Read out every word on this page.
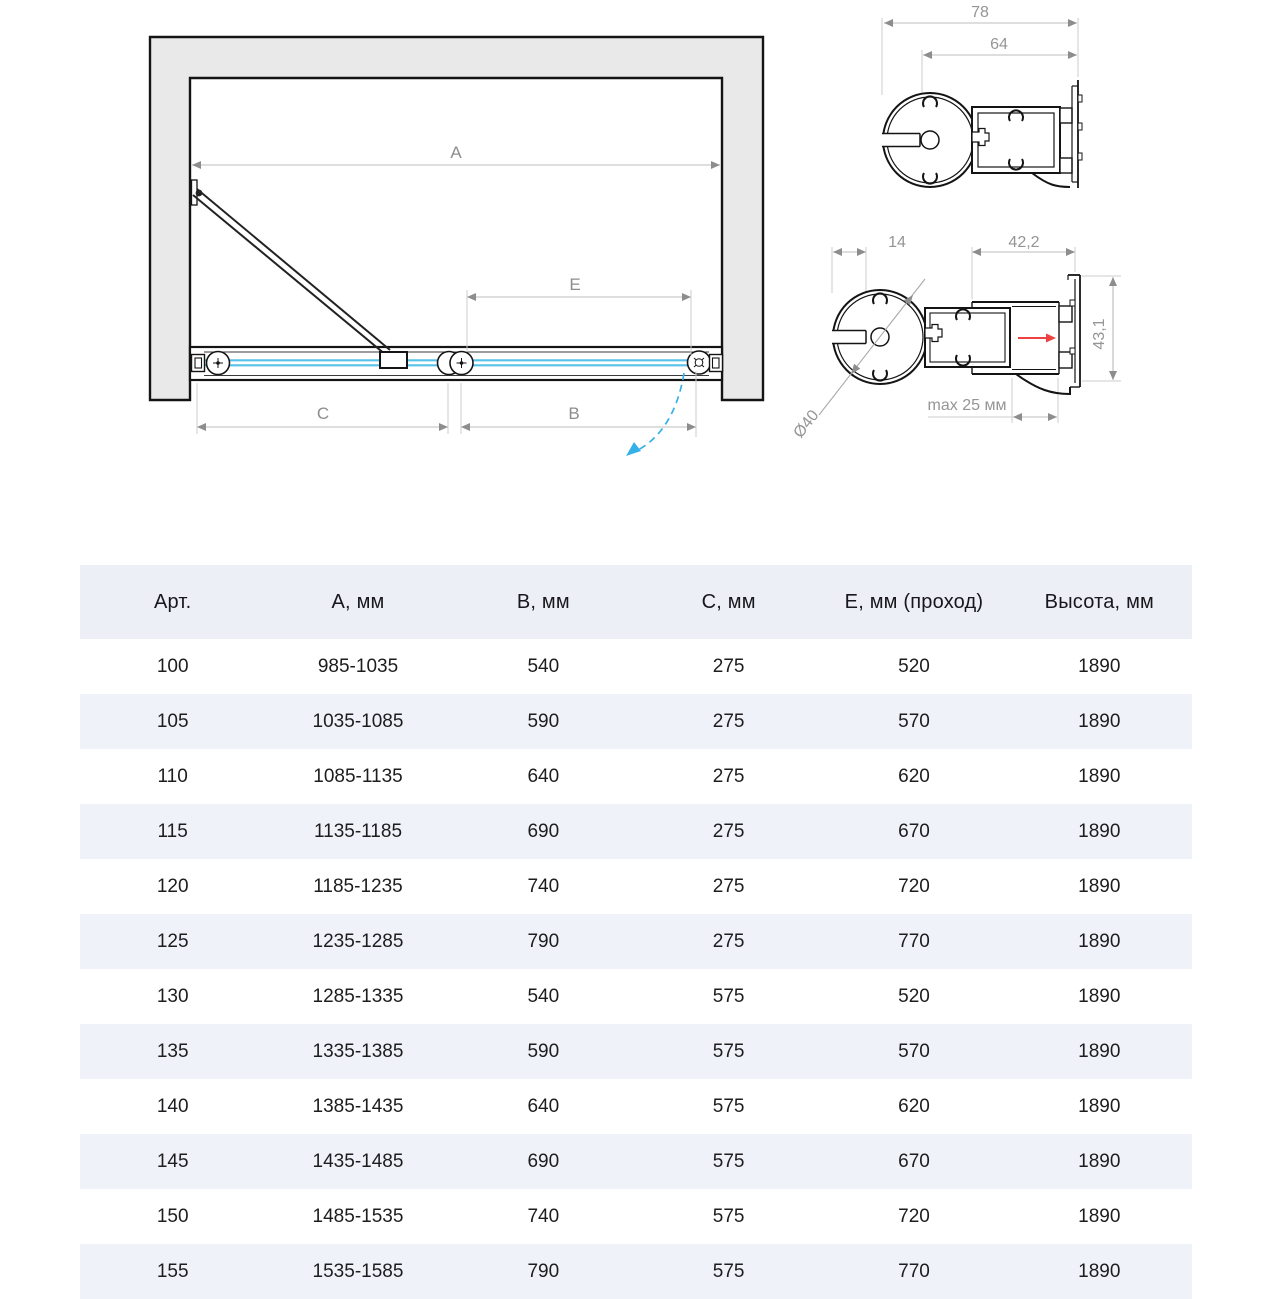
A
E
C	B
78
64
14	42,2
43,1
max 25 мм
Ø40
Арт.	А, мм	В, мм	С, мм	Е, мм (проход)	Высота, мм
100	985-1035	540	275	520	1890
105	1035-1085	590	275	570	1890
110	1085-1135	640	275	620	1890
115	1135-1185	690	275	670	1890
120	1185-1235	740	275	720	1890
125	1235-1285	790	275	770	1890
130	1285-1335	540	575	520	1890
135	1335-1385	590	575	570	1890
140	1385-1435	640	575	620	1890
145	1435-1485	690	575	670	1890
150	1485-1535	740	575	720	1890
155	1535-1585	790	575	770	1890
